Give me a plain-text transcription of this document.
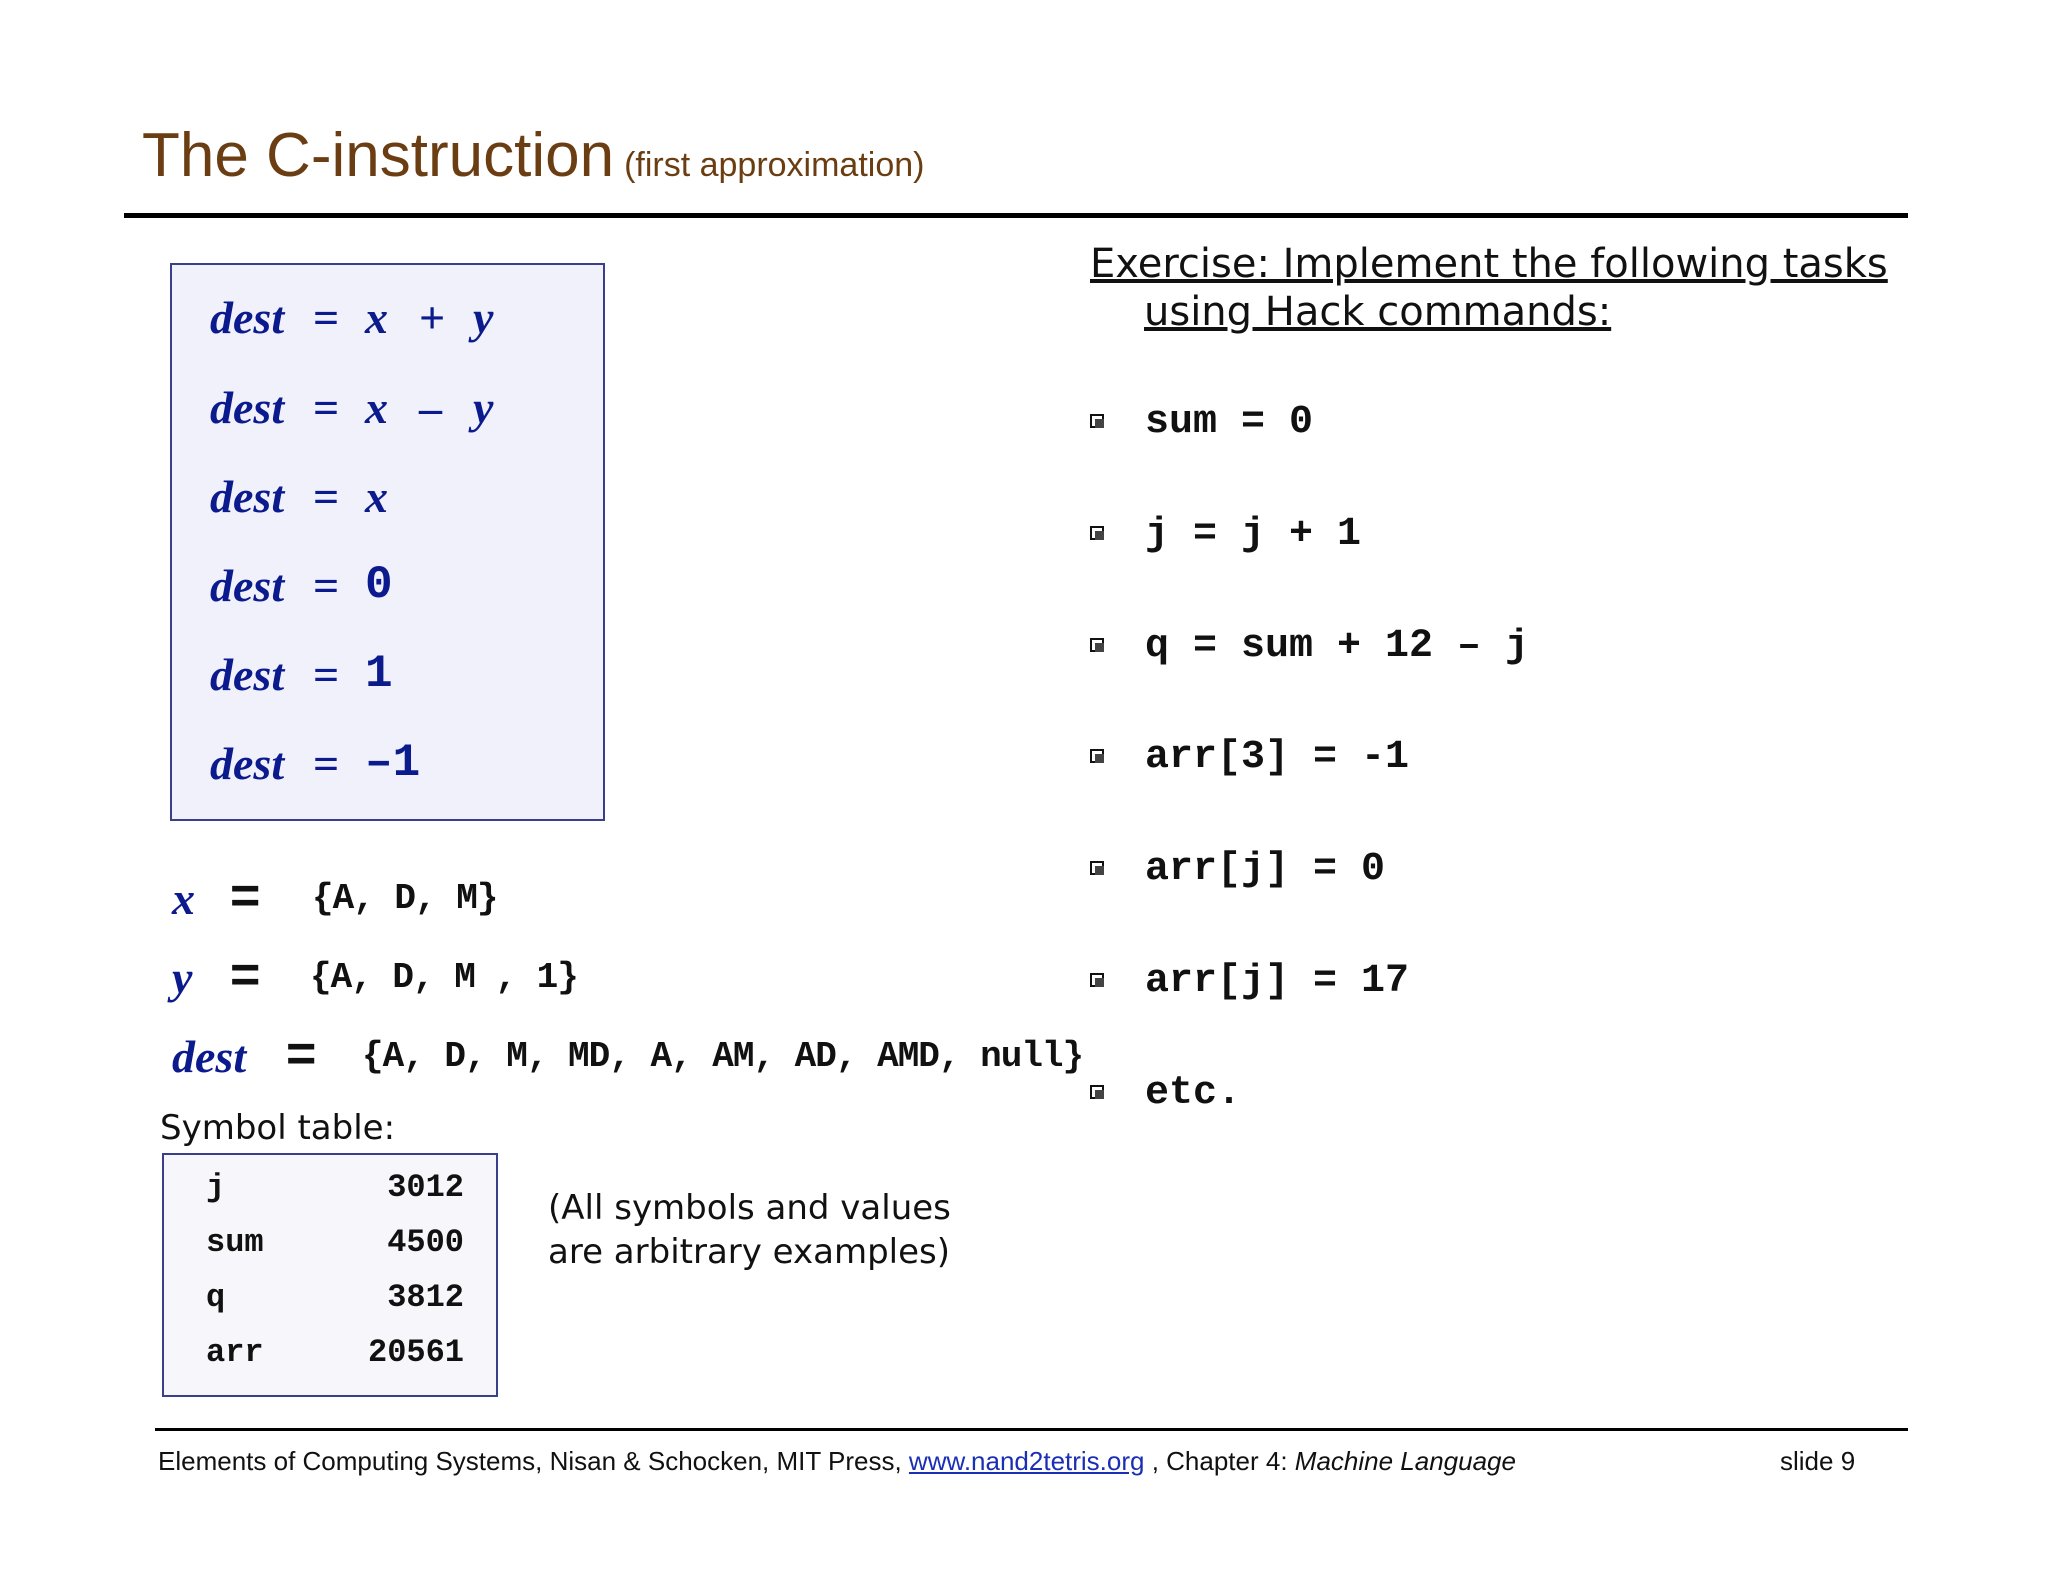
The C-instruction (first approximation)
dest = x + y
dest = x – y
dest = x
dest = 0
dest = 1
dest = –1
x = {A, D, M}
y = {A, D, M , 1}
dest = {A, D, M, MD, A, AM, AD, AMD, null}
Symbol table:
j	3012
sum	4500
q	3812
arr	20561
(All symbols and values
are arbitrary examples)
Exercise: Implement the following tasks
using Hack commands:
sum = 0
j = j + 1
q = sum + 12 – j
arr[3] = -1
arr[j] = 0
arr[j] = 17
etc.
Elements of Computing Systems, Nisan & Schocken, MIT Press, www.nand2tetris.org , Chapter 4: Machine Language	slide 9
